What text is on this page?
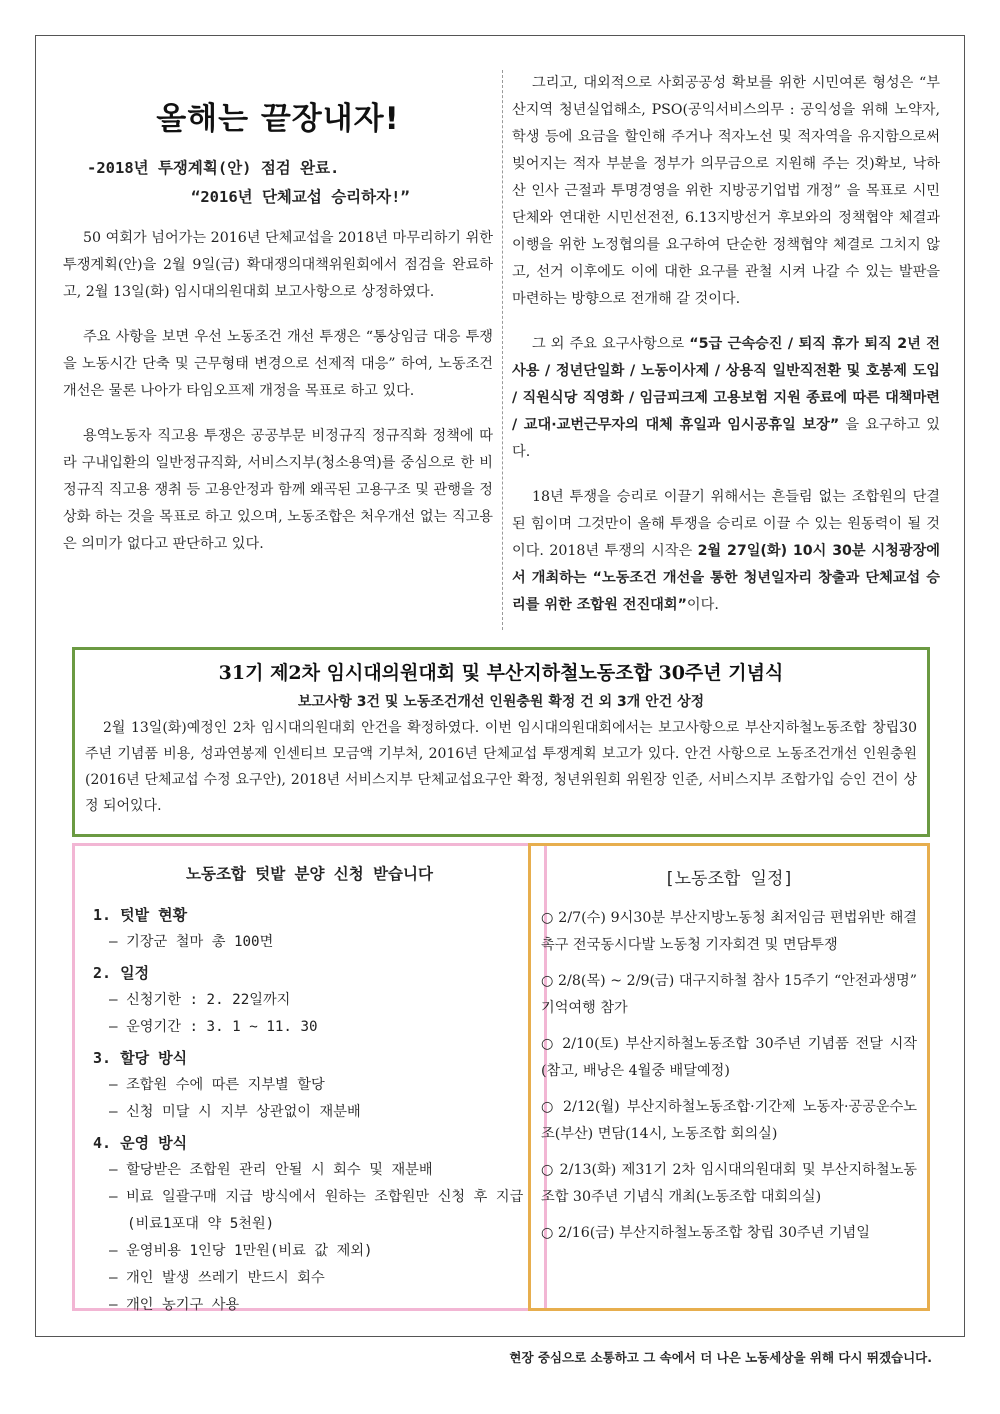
올해는 끝장내자!
-2018년 투쟁계획(안) 점검 완료.
“2016년 단체교섭 승리하자!”

50 여회가 넘어가는 2016년 단체교섭을 2018년 마무리하기 위한 투쟁계획(안)을 2월 9일(금) 확대쟁의대책위원회에서 점검을 완료하고, 2월 13일(화) 임시대의원대회 보고사항으로 상정하였다.

주요 사항을 보면 우선 노동조건 개선 투쟁은 “통상임금 대응 투쟁을 노동시간 단축 및 근무형태 변경으로 선제적 대응” 하여, 노동조건 개선은 물론 나아가 타임오프제 개정을 목표로 하고 있다.

용역노동자 직고용 투쟁은 공공부문 비정규직 정규직화 정책에 따라 구내입환의 일반정규직화, 서비스지부(청소용역)를 중심으로 한 비정규직 직고용 쟁취 등 고용안정과 함께 왜곡된 고용구조 및 관행을 정상화 하는 것을 목표로 하고 있으며, 노동조합은 처우개선 없는 직고용은 의미가 없다고 판단하고 있다.

그리고, 대외적으로 사회공공성 확보를 위한 시민여론 형성은 “부산지역 청년실업해소, PSO(공익서비스의무 : 공익성을 위해 노약자, 학생 등에 요금을 할인해 주거나 적자노선 및 적자역을 유지함으로써 빚어지는 적자 부분을 정부가 의무금으로 지원해 주는 것)확보, 낙하산 인사 근절과 투명경영을 위한 지방공기업법 개정” 을 목표로 시민단체와 연대한 시민선전전, 6.13지방선거 후보와의 정책협약 체결과 이행을 위한 노정협의를 요구하여 단순한 정책협약 체결로 그치지 않고, 선거 이후에도 이에 대한 요구를 관철 시켜 나갈 수 있는 발판을 마련하는 방향으로 전개해 갈 것이다.

그 외 주요 요구사항으로 “5급 근속승진 / 퇴직 휴가 퇴직 2년 전 사용 / 정년단일화 / 노동이사제 / 상용직 일반직전환 및 호봉제 도입 / 직원식당 직영화 / 임금피크제 고용보험 지원 종료에 따른 대책마련 / 교대·교번근무자의 대체 휴일과 임시공휴일 보장” 을 요구하고 있다.

18년 투쟁을 승리로 이끌기 위해서는 흔들림 없는 조합원의 단결된 힘이며 그것만이 올해 투쟁을 승리로 이끌 수 있는 원동력이 될 것이다. 2018년 투쟁의 시작은 2월 27일(화) 10시 30분 시청광장에서 개최하는 “노동조건 개선을 통한 청년일자리 창출과 단체교섭 승리를 위한 조합원 전진대회”이다.

31기 제2차 임시대의원대회 및 부산지하철노동조합 30주년 기념식
보고사항 3건 및 노동조건개선 인원충원 확정 건 외 3개 안건 상정

2월 13일(화)예정인 2차 임시대의원대회 안건을 확정하였다. 이번 임시대의원대회에서는 보고사항으로 부산지하철노동조합 창립30주년 기념품 비용, 성과연봉제 인센티브 모금액 기부처, 2016년 단체교섭 투쟁계획 보고가 있다. 안건 사항으로 노동조건개선 인원충원(2016년 단체교섭 수정 요구안), 2018년 서비스지부 단체교섭요구안 확정, 청년위원회 위원장 인준, 서비스지부 조합가입 승인 건이 상정 되어있다.

노동조합 텃밭 분양 신청 받습니다
1. 텃밭 현황
– 기장군 철마 총 100면
2. 일정
– 신청기한 : 2. 22일까지
– 운영기간 : 3. 1 ~ 11. 30
3. 할당 방식
– 조합원 수에 따른 지부별 할당
– 신청 미달 시 지부 상관없이 재분배
4. 운영 방식
– 할당받은 조합원 관리 안될 시 회수 및 재분배
– 비료 일괄구매 지급 방식에서 원하는 조합원만 신청 후 지급(비료1포대 약 5천원)
– 운영비용 1인당 1만원(비료 값 제외)
– 개인 발생 쓰레기 반드시 회수
– 개인 농기구 사용
[노동조합 일정]

○ 2/7(수) 9시30분 부산지방노동청 최저임금 편법위반 해결촉구 전국동시다발 노동청 기자회견 및 면담투쟁

○ 2/8(목) ~ 2/9(금) 대구지하철 참사 15주기 “안전과생명” 기억여행 참가

○ 2/10(토) 부산지하철노동조합 30주년 기념품 전달 시작(참고, 배낭은 4월중 배달예정)

○ 2/12(월) 부산지하철노동조합·기간제 노동자·공공운수노조(부산) 면담(14시, 노동조합 회의실)

○ 2/13(화) 제31기 2차 임시대의원대회 및 부산지하철노동조합 30주년 기념식 개최(노동조합 대회의실)

○ 2/16(금) 부산지하철노동조합 창립 30주년 기념일

현장 중심으로 소통하고 그 속에서 더 나은 노동세상을 위해 다시 뛰겠습니다.
